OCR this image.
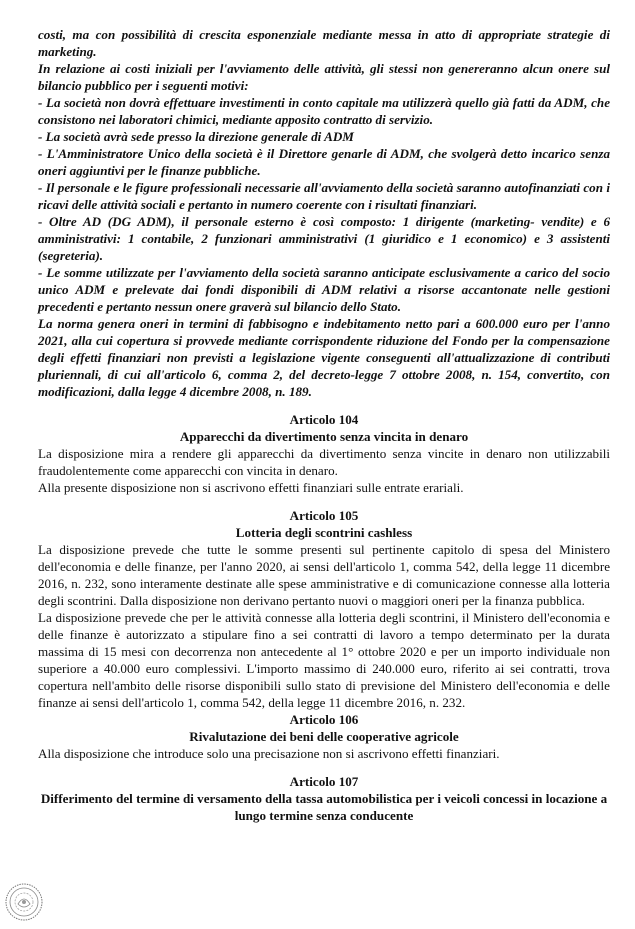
costi, ma con possibilità di crescita esponenziale mediante messa in atto di appropriate strategie di marketing.

In relazione ai costi iniziali per l'avviamento delle attività, gli stessi non genereranno alcun onere sul bilancio pubblico per i seguenti motivi:

- La società non dovrà effettuare investimenti in conto capitale ma utilizzerà quello già fatti da ADM, che consistono nei laboratori chimici, mediante apposito contratto di servizio.

- La società avrà sede presso la direzione generale di ADM

- L'Amministratore Unico della società è il Direttore genarle di ADM, che svolgerà detto incarico senza oneri aggiuntivi per le finanze pubbliche.

- Il personale e le figure professionali necessarie all'avviamento della società saranno autofinanziati con i ricavi delle attività sociali e pertanto in numero coerente con i risultati finanziari.

- Oltre AD (DG ADM), il personale esterno è così composto: 1 dirigente (marketing- vendite) e 6 amministrativi: 1 contabile, 2 funzionari amministrativi (1 giuridico e 1 economico) e 3 assistenti (segreteria).

- Le somme utilizzate per l'avviamento della società saranno anticipate esclusivamente a carico del socio unico ADM e prelevate dai fondi disponibili di ADM relativi a risorse accantonate nelle gestioni precedenti e pertanto nessun onere graverà sul bilancio dello Stato.

La norma genera oneri in termini di fabbisogno e indebitamento netto pari a 600.000 euro per l'anno 2021, alla cui copertura si provvede mediante corrispondente riduzione del Fondo per la compensazione degli effetti finanziari non previsti a legislazione vigente conseguenti all'attualizzazione di contributi pluriennali, di cui all'articolo 6, comma 2, del decreto-legge 7 ottobre 2008, n. 154, convertito, con modificazioni, dalla legge 4 dicembre 2008, n. 189.

Articolo 104

Apparecchi da divertimento senza vincita in denaro

La disposizione mira a rendere gli apparecchi da divertimento senza vincite in denaro non utilizzabili fraudolentemente come apparecchi con vincita in denaro.

Alla presente disposizione non si ascrivono effetti finanziari sulle entrate erariali.

Articolo 105

Lotteria degli scontrini cashless

La disposizione prevede che tutte le somme presenti sul pertinente capitolo di spesa del Ministero dell'economia e delle finanze, per l'anno 2020, ai sensi dell'articolo 1, comma 542, della legge 11 dicembre 2016, n. 232, sono interamente destinate alle spese amministrative e di comunicazione connesse alla lotteria degli scontrini. Dalla disposizione non derivano pertanto nuovi o maggiori oneri per la finanza pubblica.

La disposizione prevede che per le attività connesse alla lotteria degli scontrini, il Ministero dell'economia e delle finanze è autorizzato a stipulare fino a sei contratti di lavoro a tempo determinato per la durata massima di 15 mesi con decorrenza non antecedente al 1° ottobre 2020 e per un importo individuale non superiore a 40.000 euro complessivi. L'importo massimo di 240.000 euro, riferito ai sei contratti, trova copertura nell'ambito delle risorse disponibili sullo stato di previsione del Ministero dell'economia e delle finanze ai sensi dell'articolo 1, comma 542, della legge 11 dicembre 2016, n. 232.

Articolo 106

Rivalutazione dei beni delle cooperative agricole

Alla disposizione che introduce solo una precisazione non si ascrivono effetti finanziari.

Articolo 107

Differimento del termine di versamento della tassa automobilistica per i veicoli concessi in locazione a lungo termine senza conducente
